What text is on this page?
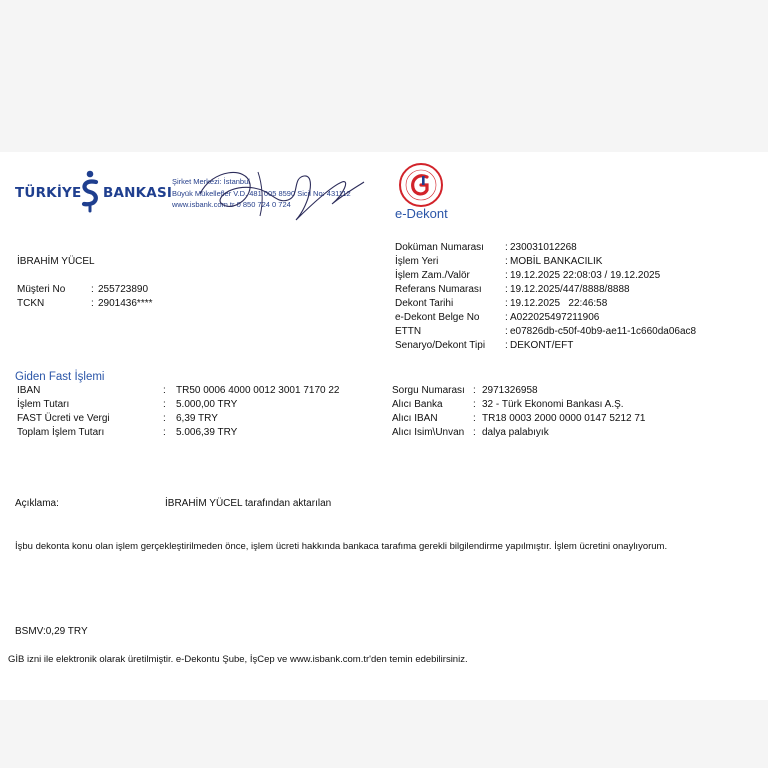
TÜRKİYE BANKASI
Şirket Merkezi: İstanbul
Büyük Mükellefler V.D. 481 005 8590 Sicil No: 431112
www.isbank.com.tr 0 850 724 0 724
e-Dekont
İBRAHİM YÜCEL
Müşteri No	: 255723890
TCKN	: 2901436****
Doküman Numarası	230031012268
:
İşlem Yeri	: MOBİL BANKACILIK
İşlem Zam./Valör	: 19.12.2025 22:08:03 / 19.12.2025
Referans Numarası : 19.12.2025/447/8888/8888
Dekont Tarihi	: 19.12.2025   22:46:58
e-Dekont Belge No	: A022025497211906
ETTN	: e07826db-c50f-40b9-ae11-1c660da06ac8
Senaryo/Dekont Tipi : DEKONT/EFT
Giden Fast İşlemi
IBAN	: TR50 0006 4000 0012 3001 7170 22
İşlem Tutarı	: 5.000,00 TRY
FAST Ücreti ve Vergi	: 6,39 TRY
Toplam İşlem Tutarı	: 5.006,39 TRY
Sorgu Numarası : 2971326958
Alıcı Banka	: 32 - Türk Ekonomi Bankası A.Ş.
Alıcı IBAN	: TR18 0003 2000 0000 0147 5212 71
Alıcı Isim\Unvan : dalya palabıyık
Açıklama:	İBRAHİM YÜCEL tarafından aktarılan
İşbu dekonta konu olan işlem gerçekleştirilmeden önce, işlem ücreti hakkında bankaca tarafıma gerekli bilgilendirme yapılmıştır. İşlem ücretini onaylıyorum.
BSMV:0,29 TRY
GİB izni ile elektronik olarak üretilmiştir. e-Dekontu Şube, İşCep ve www.isbank.com.tr'den temin edebilirsiniz.
